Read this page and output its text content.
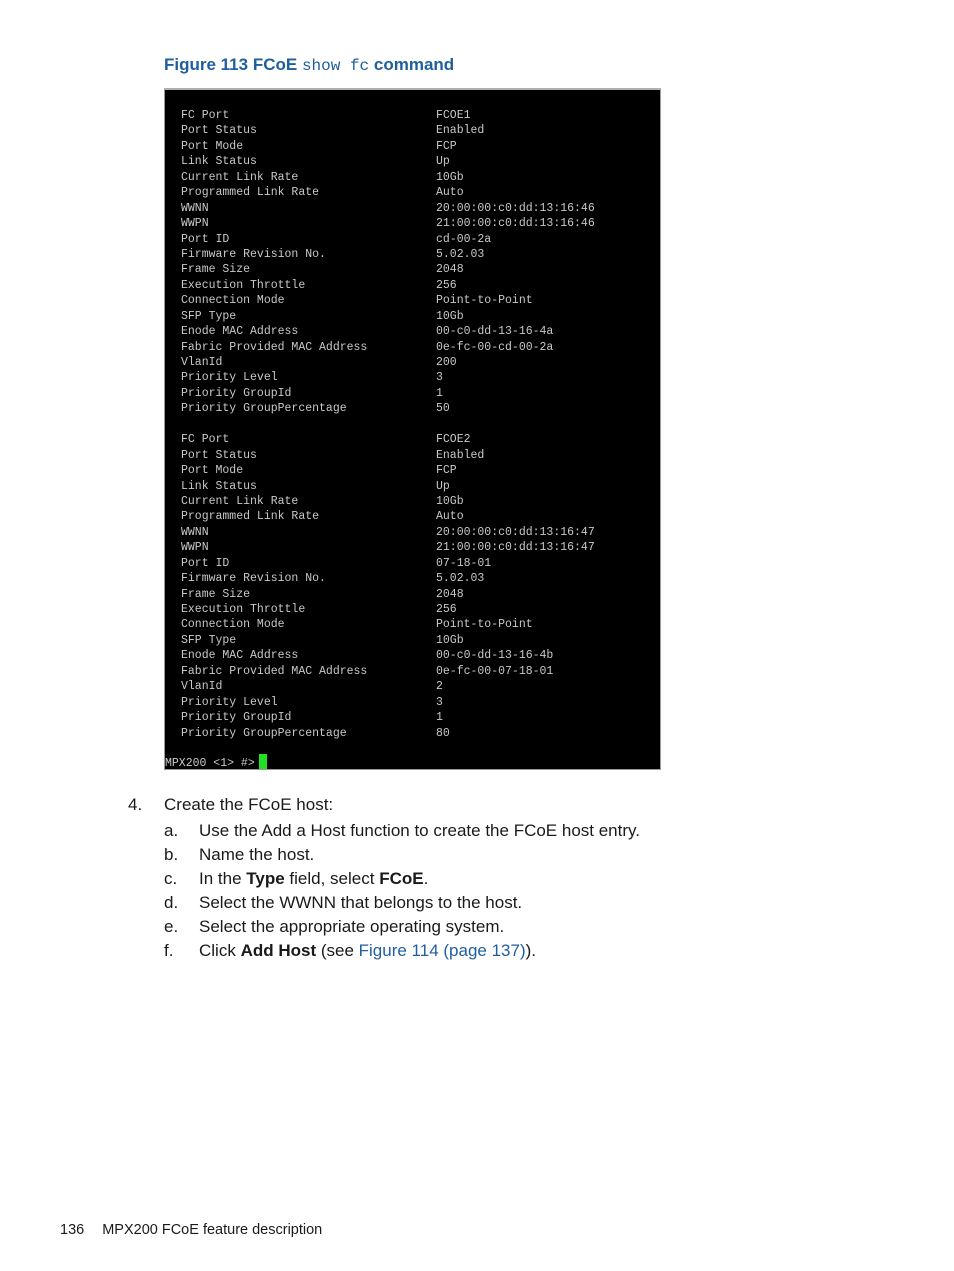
Figure 113 FCoE show fc command
FC Port	FCOE1
Port Status	Enabled
Port Mode	FCP
Link Status	Up
Current Link Rate	10Gb
Programmed Link Rate	Auto
WWNN	20:00:00:c0:dd:13:16:46
WWPN	21:00:00:c0:dd:13:16:46
Port ID	cd-00-2a
Firmware Revision No.	5.02.03
Frame Size	2048
Execution Throttle	256
Connection Mode	Point-to-Point
SFP Type	10Gb
Enode MAC Address	00-c0-dd-13-16-4a
Fabric Provided MAC Address	0e-fc-00-cd-00-2a
VlanId	200
Priority Level	3
Priority GroupId	1
Priority GroupPercentage	50
FC Port	FCOE2
Port Status	Enabled
Port Mode	FCP
Link Status	Up
Current Link Rate	10Gb
Programmed Link Rate	Auto
WWNN	20:00:00:c0:dd:13:16:47
WWPN	21:00:00:c0:dd:13:16:47
Port ID	07-18-01
Firmware Revision No.	5.02.03
Frame Size	2048
Execution Throttle	256
Connection Mode	Point-to-Point
SFP Type	10Gb
Enode MAC Address	00-c0-dd-13-16-4b
Fabric Provided MAC Address	0e-fc-00-07-18-01
VlanId	2
Priority Level	3
Priority GroupId	1
Priority GroupPercentage	80
MPX200 <1> #>
4. Create the FCoE host:
a. Use the Add a Host function to create the FCoE host entry.
b. Name the host.
c. In the Type field, select FCoE.
d. Select the WWNN that belongs to the host.
e. Select the appropriate operating system.
f. Click Add Host (see Figure 114 (page 137)).
136 MPX200 FCoE feature description
